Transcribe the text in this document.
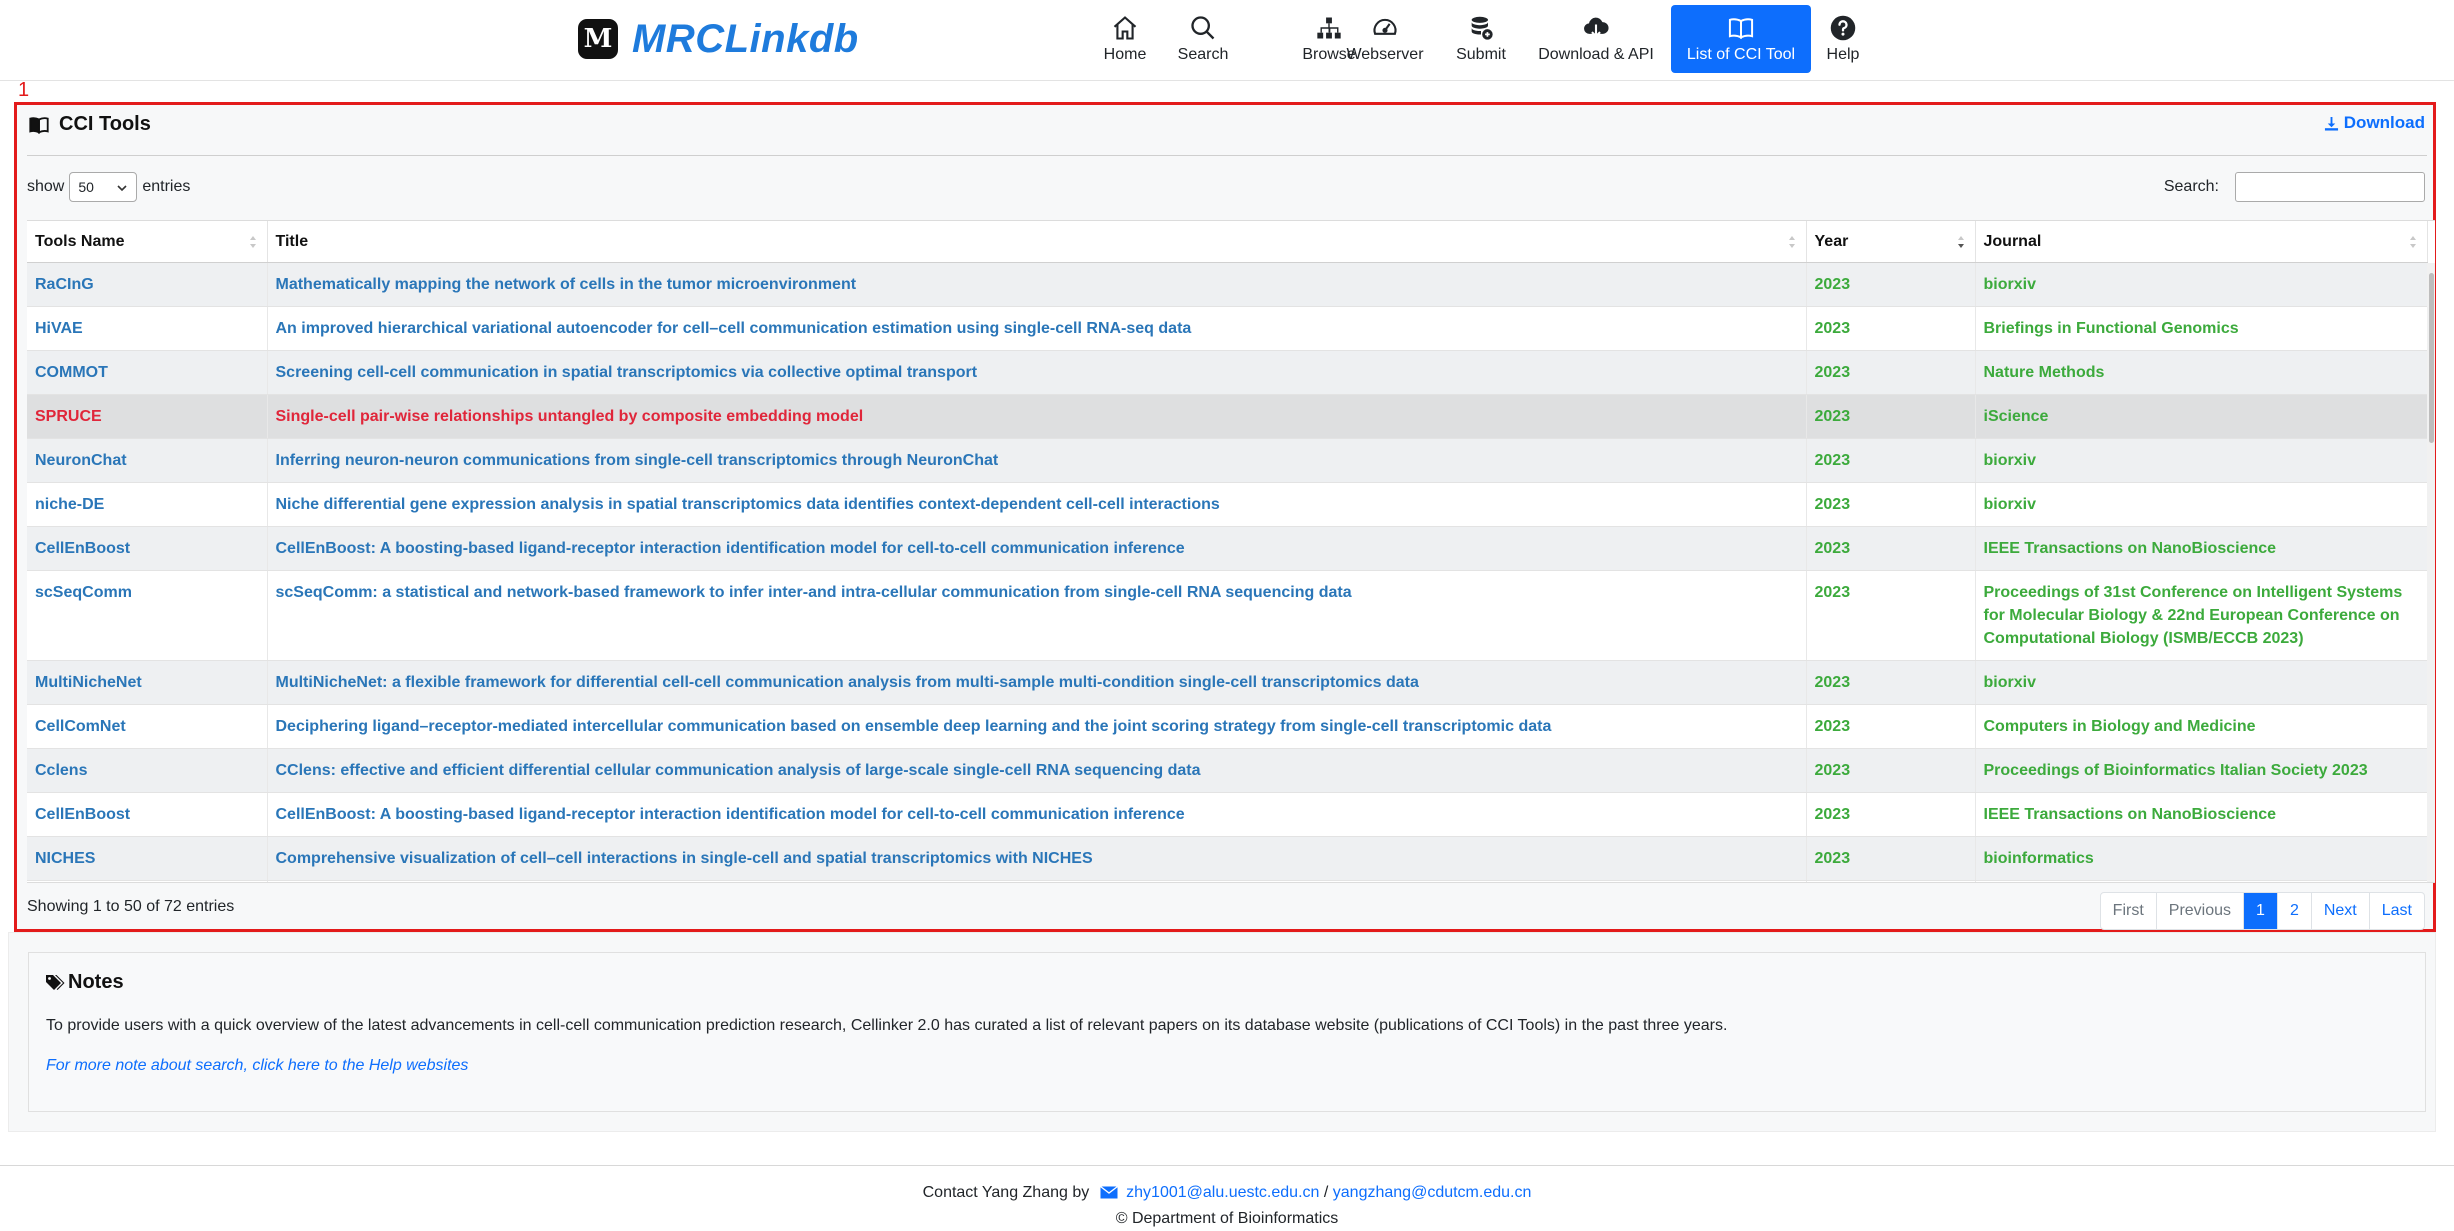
M MRCLinkdb	Home Search	Browse
Webserver Submit Download & API List of CCI Tool Help
1
CCI Tools	Download
show 50	entries	Search:
Tools Name	Title	Year	Journal

RaCInG	Mathematically mapping the network of cells in the tumor microenvironment	2023	biorxiv
HiVAE	An improved hierarchical variational autoencoder for cell–cell communication estimation using single-cell RNA-seq data	2023	Briefings in Functional Genomics
COMMOT	Screening cell-cell communication in spatial transcriptomics via collective optimal transport	2023	Nature Methods
SPRUCE	Single-cell pair-wise relationships untangled by composite embedding model	2023	iScience
NeuronChat	Inferring neuron-neuron communications from single-cell transcriptomics through NeuronChat	2023	biorxiv
niche-DE	Niche differential gene expression analysis in spatial transcriptomics data identifies context-dependent cell-cell interactions	2023	biorxiv
CellEnBoost	CellEnBoost: A boosting-based ligand-receptor interaction identification model for cell-to-cell communication inference	2023	IEEE Transactions on NanoBioscience
scSeqComm	scSeqComm: a statistical and network-based framework to infer inter-and intra-cellular communication from single-cell RNA sequencing data	2023	Proceedings of 31st Conference on Intelligent Systems for Molecular Biology & 22nd European Conference on Computational Biology (ISMB/ECCB 2023)
MultiNicheNet	MultiNicheNet: a flexible framework for differential cell-cell communication analysis from multi-sample multi-condition single-cell transcriptomics data	2023	biorxiv
CellComNet	Deciphering ligand–receptor-mediated intercellular communication based on ensemble deep learning and the joint scoring strategy from single-cell transcriptomic data	2023	Computers in Biology and Medicine
Cclens	CClens: effective and efficient differential cellular communication analysis of large-scale single-cell RNA sequencing data	2023	Proceedings of Bioinformatics Italian Society 2023
CellEnBoost	CellEnBoost: A boosting-based ligand-receptor interaction identification model for cell-to-cell communication inference	2023	IEEE Transactions on NanoBioscience
NICHES	Comprehensive visualization of cell–cell interactions in single-cell and spatial transcriptomics with NICHES	2023	bioinformatics

Showing 1 to 50 of 72 entries	First	Previous	1	2	Next	Last
Notes
To provide users with a quick overview of the latest advancements in cell-cell communication prediction research, Cellinker 2.0 has curated a list of relevant papers on its database website (publications of CCI Tools) in the past three years.
For more note about search, click here to the Help websites
Contact Yang Zhang by zhy1001@alu.uestc.edu.cn / yangzhang@cdutcm.edu.cn
© Department of Bioinformatics
